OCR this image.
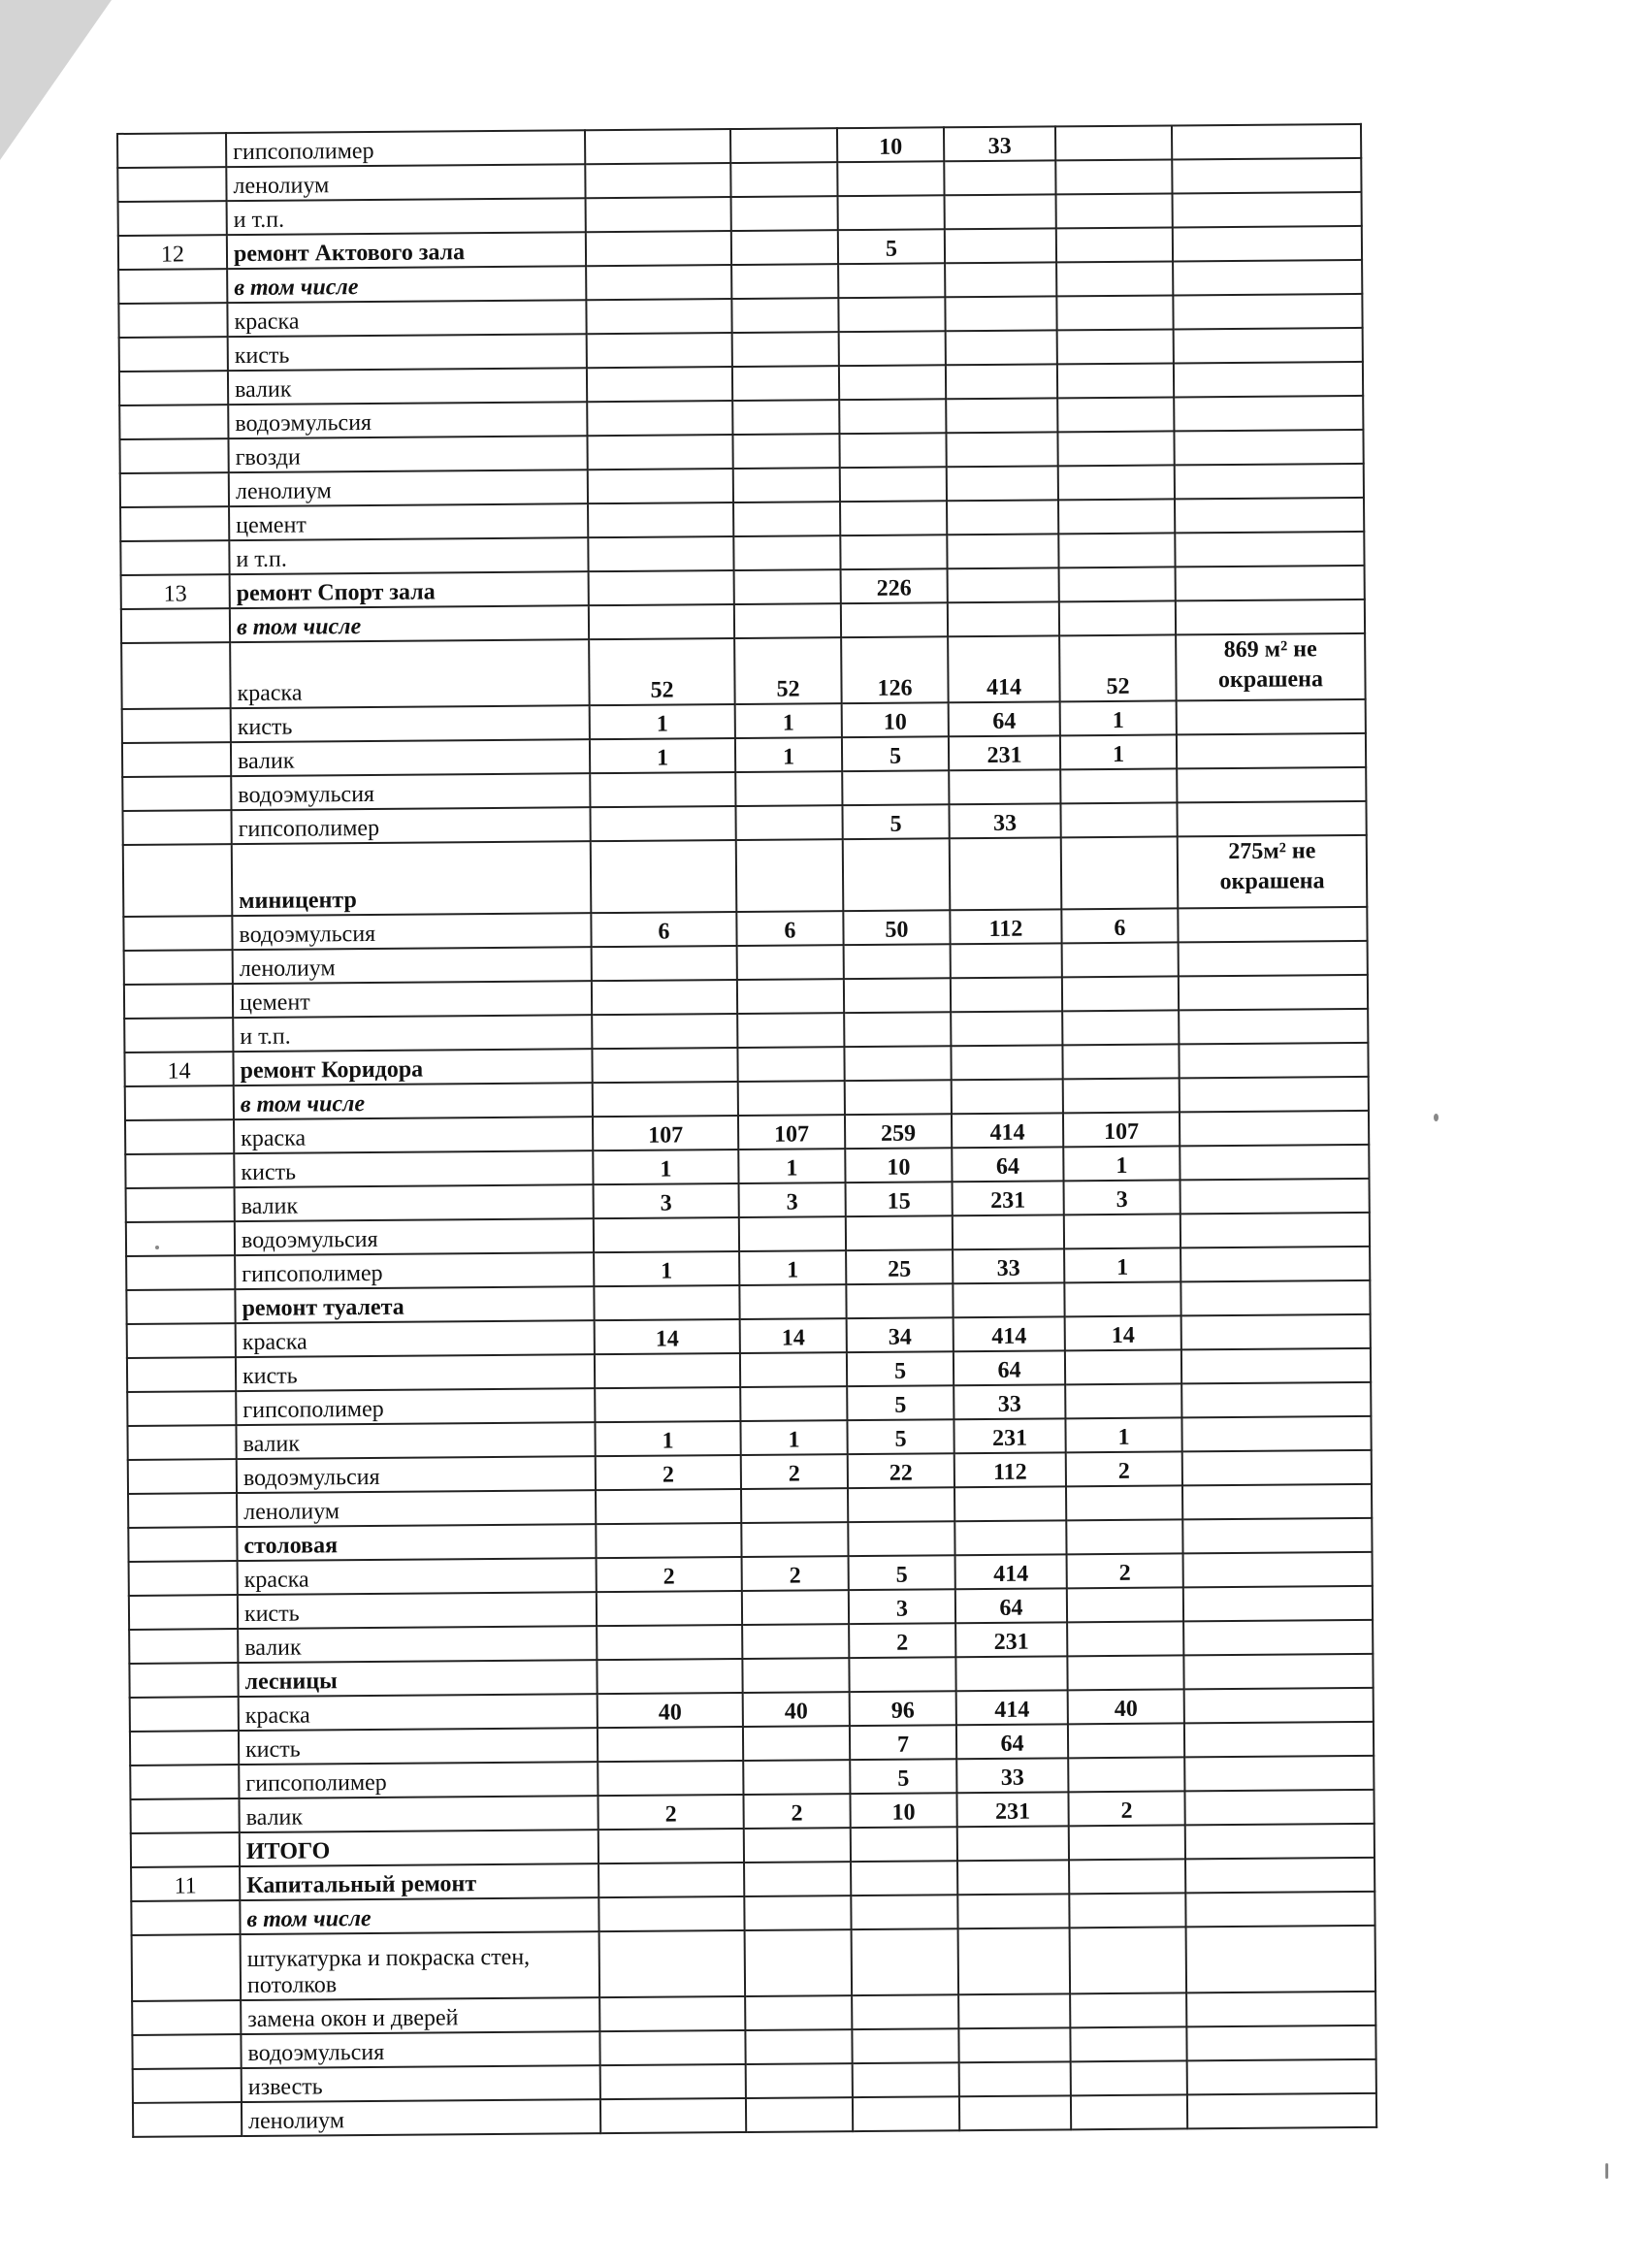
	гипсополимер			10	33		
	ленолиум						
	и т.п.						
12	ремонт Актового зала			5			
	в том числе						
	краска						
	кисть						
	валик						
	водоэмульсия						
	гвозди						
	ленолиум						
	цемент						
	и т.п.						
13	ремонт Спорт зала			226			
	в том числе						
	краска	52	52	126	414	52	869 м² не окрашена
	кисть	1	1	10	64	1	
	валик	1	1	5	231	1	
	водоэмульсия						
	гипсополимер			5	33		
	миницентр						275м² не окрашена
	водоэмульсия	6	6	50	112	6	
	ленолиум						
	цемент						
	и т.п.						
14	ремонт Коридора						
	в том числе						
	краска	107	107	259	414	107	
	кисть	1	1	10	64	1	
	валик	3	3	15	231	3	
	водоэмульсия						
	гипсополимер	1	1	25	33	1	
	ремонт туалета						
	краска	14	14	34	414	14	
	кисть			5	64		
	гипсополимер			5	33		
	валик	1	1	5	231	1	
	водоэмульсия	2	2	22	112	2	
	ленолиум						
	столовая						
	краска	2	2	5	414	2	
	кисть			3	64		
	валик			2	231		
	лесницы						
	краска	40	40	96	414	40	
	кисть			7	64		
	гипсополимер			5	33		
	валик	2	2	10	231	2	
	ИТОГО						
11	Капитальный ремонт						
	в том числе						
	штукатурка и покраска стен, потолков						
	замена окон и дверей						
	водоэмульсия						
	известь						
	ленолиум						
